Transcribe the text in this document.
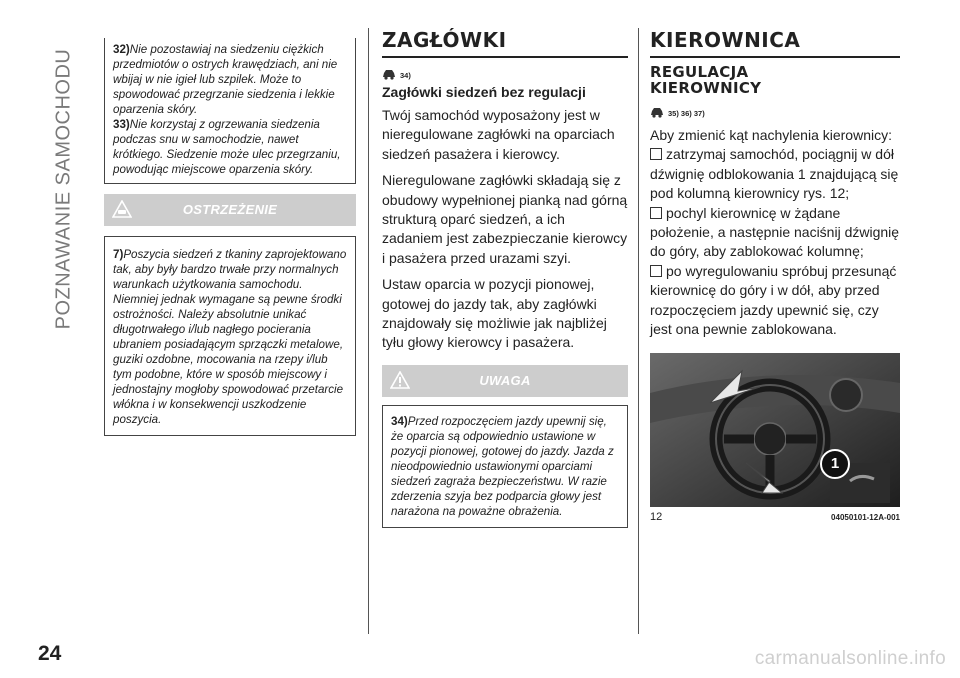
POZNAWANIE SAMOCHODU	32)Nie pozostawiaj na siedzeniu ciężkich przedmiotów o ostrych krawędziach, ani nie wbijaj w nie igieł lub szpilek. Może to spowodować przegrzanie siedzenia i lekkie oparzenia skóry.

33)Nie korzystaj z ogrzewania siedzenia podczas snu w samochodzie, nawet krótkiego. Siedzenie może ulec przegrzaniu, powodując miejscowe oparzenia skóry.

OSTRZEŻENIE

7)Poszycia siedzeń z tkaniny zaprojektowano tak, aby były bardzo trwałe przy normalnych warunkach użytkowania samochodu. Niemniej jednak wymagane są pewne środki ostrożności. Należy absolutnie unikać długotrwałego i/lub nagłego pocierania ubraniem posiadającym sprzączki metalowe, guziki ozdobne, mocowania na rzepy i/lub tym podobne, które w sposób miejscowy i jednostajny mogłoby spowodować przetarcie włókna i w konsekwencji uszkodzenie poszycia.

ZAGŁÓWKI
34)
Zagłówki siedzeń bez regulacji

Twój samochód wyposażony jest w nieregulowane zagłówki na oparciach siedzeń pasażera i kierowcy.

Nieregulowane zagłówki składają się z obudowy wypełnionej pianką nad górną strukturą oparć siedzeń, a ich zadaniem jest zabezpieczanie kierowcy i pasażera przed urazami szyi.

Ustaw oparcia w pozycji pionowej, gotowej do jazdy tak, aby zagłówki znajdowały się możliwie jak najbliżej tyłu głowy kierowcy i pasażera.

UWAGA

34)Przed rozpoczęciem jazdy upewnij się, że oparcia są odpowiednio ustawione w pozycji pionowej, gotowej do jazdy. Jazda z nieodpowiednio ustawionymi oparciami siedzeń zagraża bezpieczeństwu. W razie zderzenia szyja bez podparcia głowy jest narażona na poważne obrażenia.

KIEROWNICA
REGULACJA
KIEROWNICY
35) 36) 37)

Aby zmienić kąt nachylenia kierownicy:

zatrzymaj samochód, pociągnij w dół dźwignię odblokowania 1 znajdującą się pod kolumną kierownicy rys. 12;

pochyl kierownicę w żądane położenie, a następnie naciśnij dźwignię do góry, aby zablokować kolumnę;

po wyregulowaniu spróbuj przesunąć kierownicę do góry i w dół, aby przed rozpoczęciem jazdy upewnić się, czy jest ona pewnie zablokowana.

1
12	04050101-12A-001
24	carmanualsonline.info
